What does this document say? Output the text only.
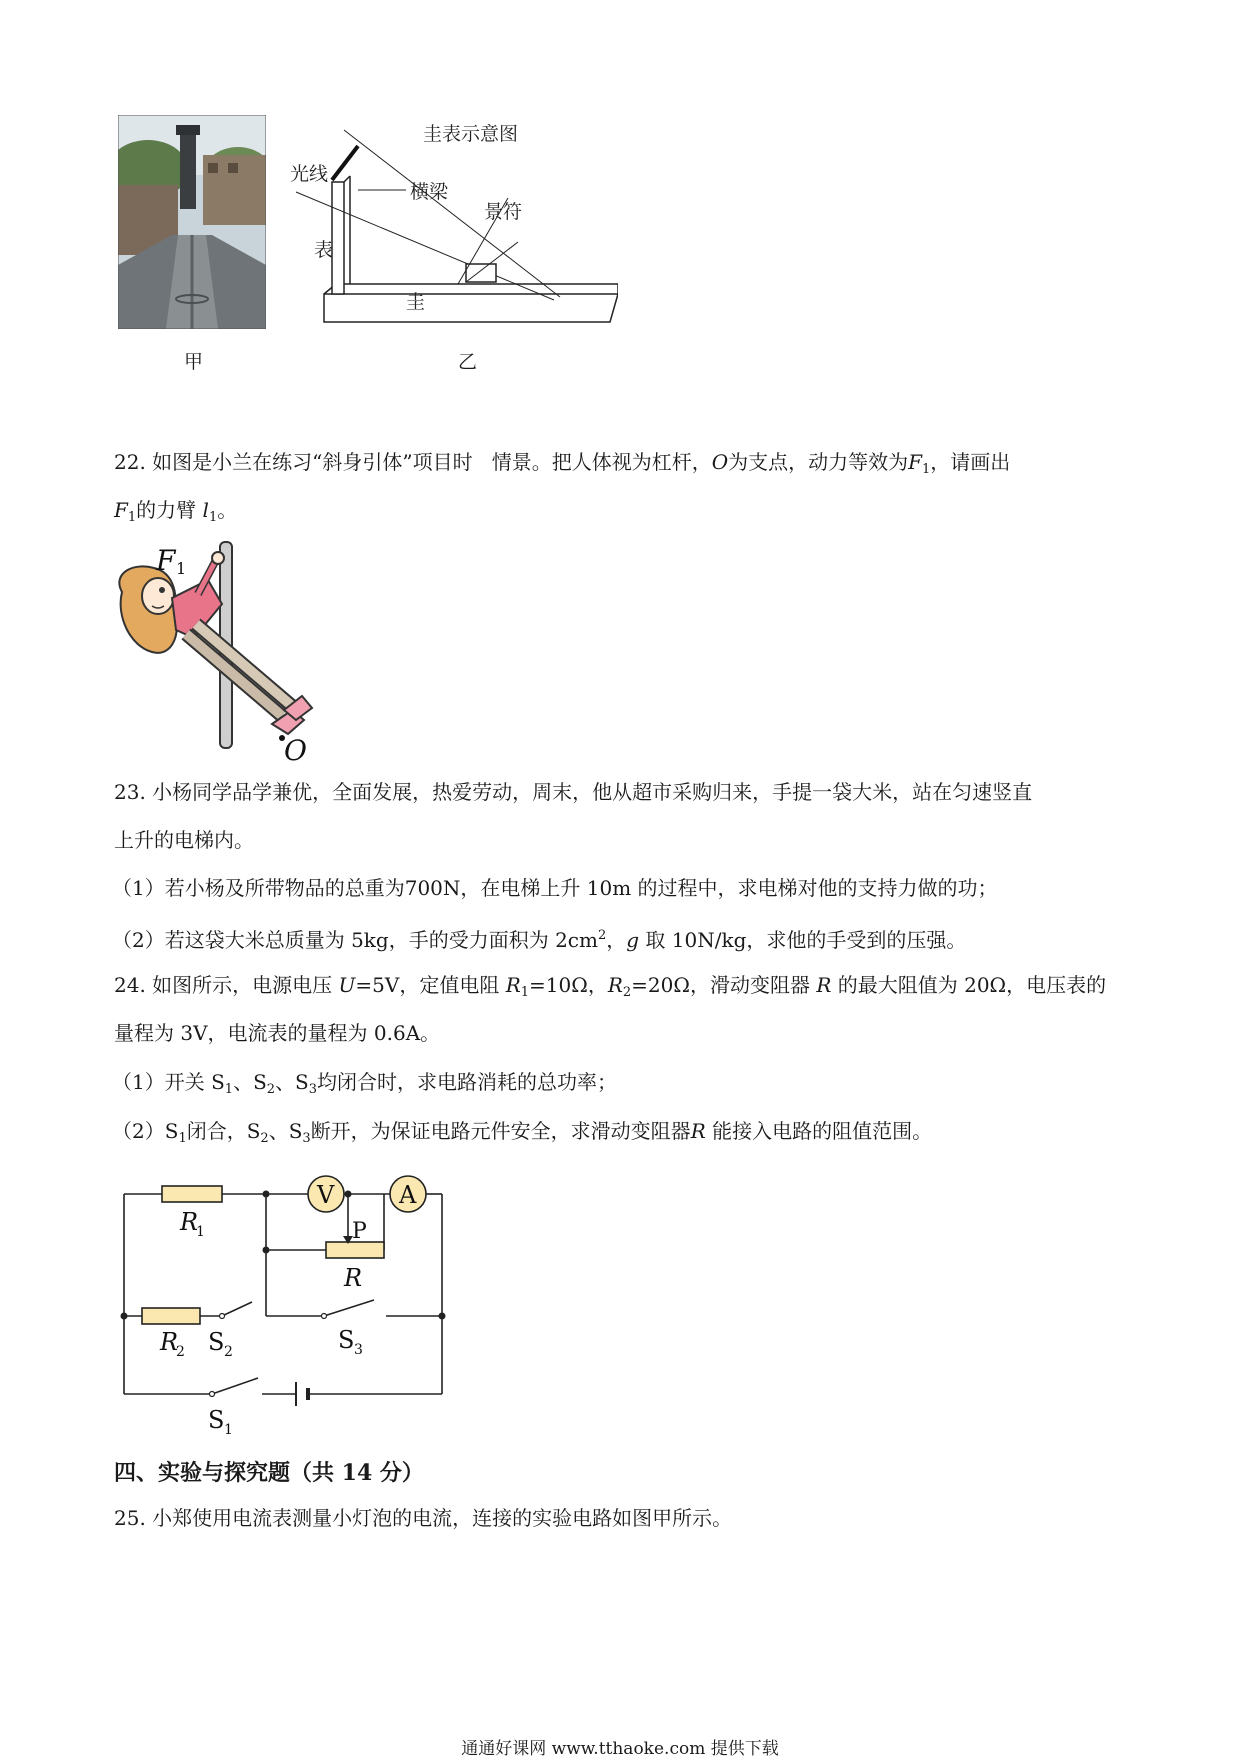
甲
圭表示意图
光线
横梁
景符
表
圭
乙
22. 如图是小兰在练习“斜身引体”项目时 情景。把人体视为杠杆，O为支点，动力等效为$F_1$，请画出
$F_1$的力臂 $l_1$。
F 1
O
23. 小杨同学品学兼优，全面发展，热爱劳动，周末，他从超市采购归来，手提一袋大米，站在匀速竖直
上升的电梯内。
（1）若小杨及所带物品的总重为700N，在电梯上升 10m 的过程中，求电梯对他的支持力做的功；
（2）若这袋大米总质量为 5kg，手的受力面积为 $2cm^2$，g 取 10N/kg，求他的手受到的压强。
24. 如图所示，电源电压 U=5V，定值电阻 $R_1=10\Omega$，$R_2=20\Omega$，滑动变阻器 R 的最大阻值为 20Ω，电压表的
量程为 3V，电流表的量程为 0.6A。
（1）开关 $S_1$、$S_2$、$S_3$均闭合时，求电路消耗的总功率；
$(2)S_1$闭合，$S_2$、$S_3$断开，为保证电路元件安全，求滑动变阻器R 能接入电路的阻值范围。
V	A
R
1	P
R
R
2 S 2	S 3
S 1
四、实验与探究题（共 14 分）
25. 小郑使用电流表测量小灯泡的电流，连接的实验电路如图甲所示。
通通好课网 www.tthaoke.com 提供下载
